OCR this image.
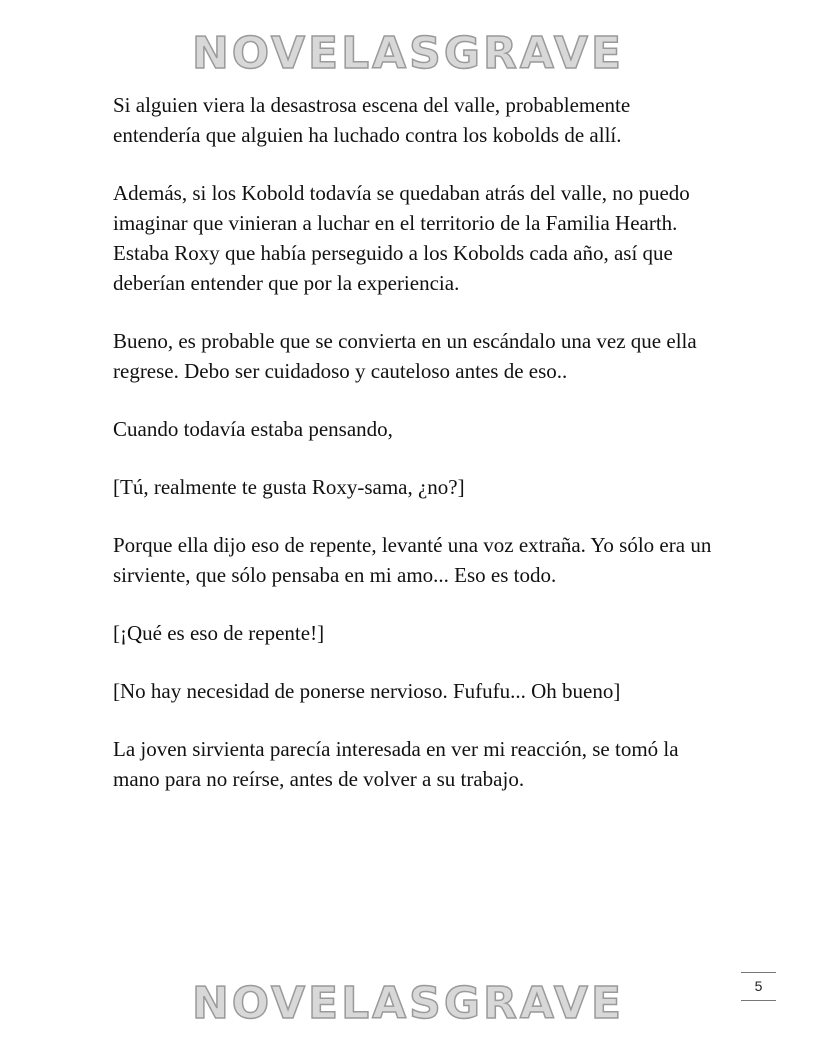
NOVELASGRAVE

Si alguien viera la desastrosa escena del valle, probablemente entendería que alguien ha luchado contra los kobolds de allí.

Además, si los Kobold todavía se quedaban atrás del valle, no puedo imaginar que vinieran a luchar en el territorio de la Familia Hearth. Estaba Roxy que había perseguido a los Kobolds cada año, así que deberían entender que por la experiencia.

Bueno, es probable que se convierta en un escándalo una vez que ella regrese. Debo ser cuidadoso y cauteloso antes de eso..

Cuando todavía estaba pensando,

[Tú, realmente te gusta Roxy-sama, ¿no?]

Porque ella dijo eso de repente, levanté una voz extraña. Yo sólo era un sirviente, que sólo pensaba en mi amo... Eso es todo.

[¡Qué es eso de repente!]

[No hay necesidad de ponerse nervioso. Fufufu... Oh bueno]

La joven sirvienta parecía interesada en ver mi reacción, se tomó la mano para no reírse, antes de volver a su trabajo.

5
NOVELASGRAVE
